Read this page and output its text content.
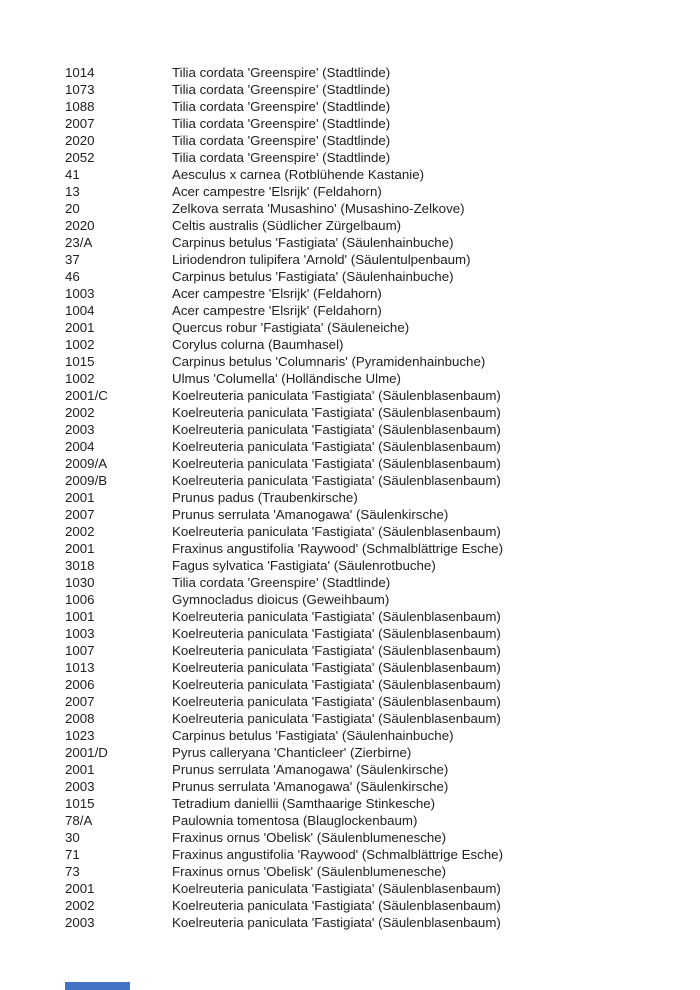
1014	Tilia cordata 'Greenspire' (Stadtlinde)
1073	Tilia cordata 'Greenspire' (Stadtlinde)
1088	Tilia cordata 'Greenspire' (Stadtlinde)
2007	Tilia cordata 'Greenspire' (Stadtlinde)
2020	Tilia cordata 'Greenspire' (Stadtlinde)
2052	Tilia cordata 'Greenspire' (Stadtlinde)
41	Aesculus x carnea (Rotblühende Kastanie)
13	Acer campestre 'Elsrijk' (Feldahorn)
20	Zelkova serrata 'Musashino' (Musashino-Zelkove)
2020	Celtis australis (Südlicher Zürgelbaum)
23/A	Carpinus betulus 'Fastigiata' (Säulenhainbuche)
37	Liriodendron tulipifera 'Arnold' (Säulentulpenbaum)
46	Carpinus betulus 'Fastigiata' (Säulenhainbuche)
1003	Acer campestre 'Elsrijk' (Feldahorn)
1004	Acer campestre 'Elsrijk' (Feldahorn)
2001	Quercus robur 'Fastigiata' (Säuleneiche)
1002	Corylus colurna (Baumhasel)
1015	Carpinus betulus 'Columnaris' (Pyramidenhainbuche)
1002	Ulmus 'Columella' (Holländische Ulme)
2001/C	Koelreuteria paniculata 'Fastigiata' (Säulenblasenbaum)
2002	Koelreuteria paniculata 'Fastigiata' (Säulenblasenbaum)
2003	Koelreuteria paniculata 'Fastigiata' (Säulenblasenbaum)
2004	Koelreuteria paniculata 'Fastigiata' (Säulenblasenbaum)
2009/A	Koelreuteria paniculata 'Fastigiata' (Säulenblasenbaum)
2009/B	Koelreuteria paniculata 'Fastigiata' (Säulenblasenbaum)
2001	Prunus padus (Traubenkirsche)
2007	Prunus serrulata 'Amanogawa' (Säulenkirsche)
2002	Koelreuteria paniculata 'Fastigiata' (Säulenblasenbaum)
2001	Fraxinus angustifolia 'Raywood' (Schmalblättrige Esche)
3018	Fagus sylvatica 'Fastigiata' (Säulenrotbuche)
1030	Tilia cordata 'Greenspire' (Stadtlinde)
1006	Gymnocladus dioicus (Geweihbaum)
1001	Koelreuteria paniculata 'Fastigiata' (Säulenblasenbaum)
1003	Koelreuteria paniculata 'Fastigiata' (Säulenblasenbaum)
1007	Koelreuteria paniculata 'Fastigiata' (Säulenblasenbaum)
1013	Koelreuteria paniculata 'Fastigiata' (Säulenblasenbaum)
2006	Koelreuteria paniculata 'Fastigiata' (Säulenblasenbaum)
2007	Koelreuteria paniculata 'Fastigiata' (Säulenblasenbaum)
2008	Koelreuteria paniculata 'Fastigiata' (Säulenblasenbaum)
1023	Carpinus betulus 'Fastigiata' (Säulenhainbuche)
2001/D	Pyrus calleryana 'Chanticleer' (Zierbirne)
2001	Prunus serrulata 'Amanogawa' (Säulenkirsche)
2003	Prunus serrulata 'Amanogawa' (Säulenkirsche)
1015	Tetradium daniellii (Samthaarige Stinkesche)
78/A	Paulownia tomentosa (Blauglockenbaum)
30	Fraxinus ornus 'Obelisk' (Säulenblumenesche)
71	Fraxinus angustifolia 'Raywood' (Schmalblättrige Esche)
73	Fraxinus ornus 'Obelisk' (Säulenblumenesche)
2001	Koelreuteria paniculata 'Fastigiata' (Säulenblasenbaum)
2002	Koelreuteria paniculata 'Fastigiata' (Säulenblasenbaum)
2003	Koelreuteria paniculata 'Fastigiata' (Säulenblasenbaum)
